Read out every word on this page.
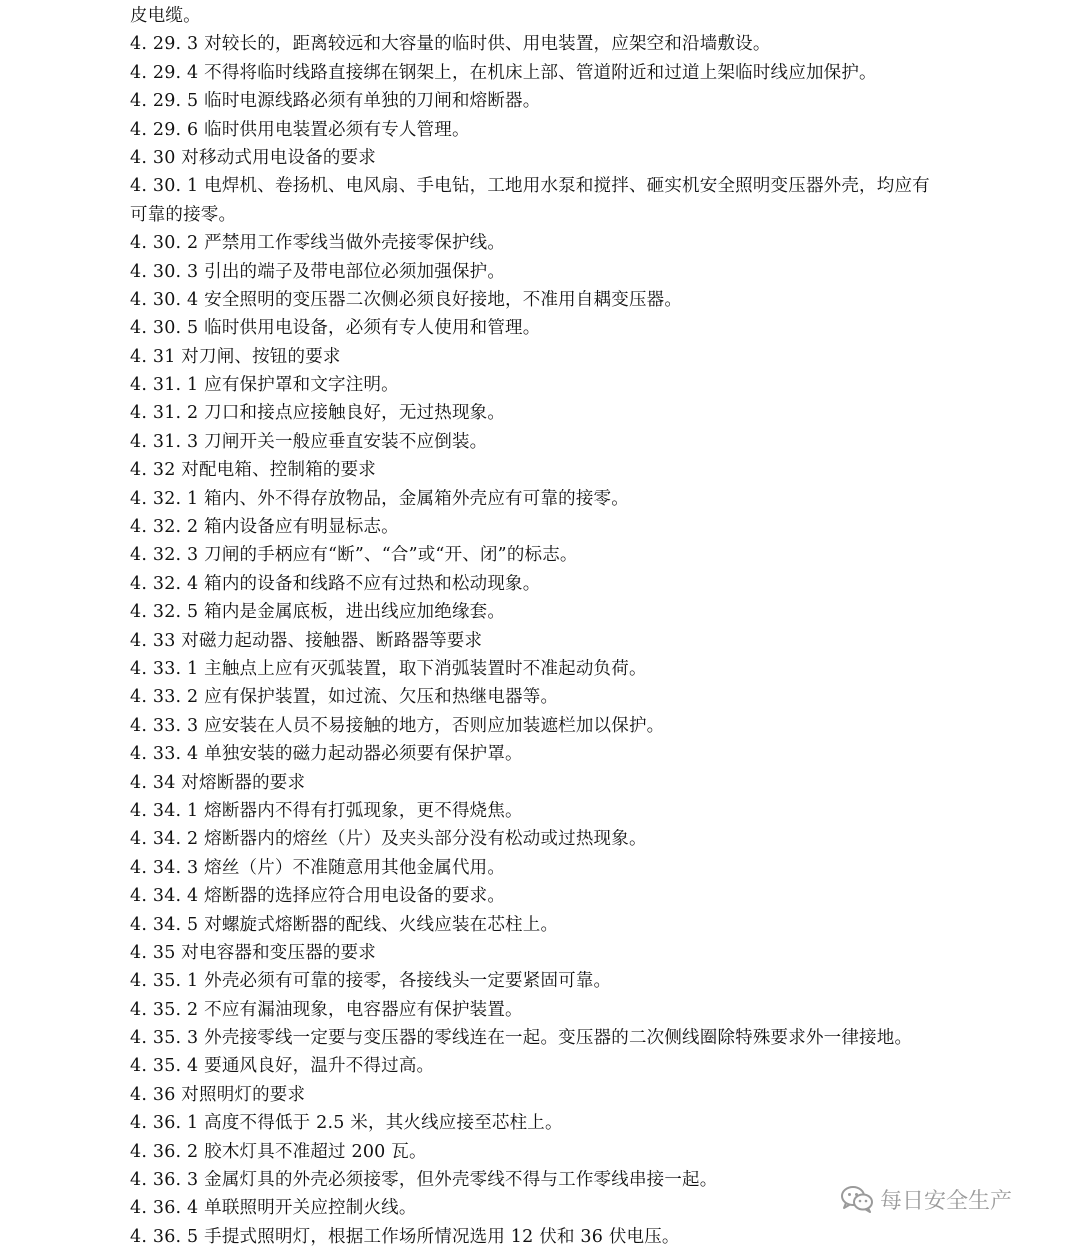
皮电缆。
4. 29. 3 对较长的，距离较远和大容量的临时供、用电装置，应架空和沿墙敷设。
4. 29. 4 不得将临时线路直接绑在钢架上，在机床上部、管道附近和过道上架临时线应加保护。
4. 29. 5 临时电源线路必须有单独的刀闸和熔断器。
4. 29. 6 临时供用电装置必须有专人管理。
4. 30 对移动式用电设备的要求
4. 30. 1 电焊机、卷扬机、电风扇、手电钻，工地用水泵和搅拌、砸实机安全照明变压器外壳，均应有
可靠的接零。
4. 30. 2 严禁用工作零线当做外壳接零保护线。
4. 30. 3 引出的端子及带电部位必须加强保护。
4. 30. 4 安全照明的变压器二次侧必须良好接地，不准用自耦变压器。
4. 30. 5 临时供用电设备，必须有专人使用和管理。
4. 31 对刀闸、按钮的要求
4. 31. 1 应有保护罩和文字注明。
4. 31. 2 刀口和接点应接触良好，无过热现象。
4. 31. 3 刀闸开关一般应垂直安装不应倒装。
4. 32 对配电箱、控制箱的要求
4. 32. 1 箱内、外不得存放物品，金属箱外壳应有可靠的接零。
4. 32. 2 箱内设备应有明显标志。
4. 32. 3 刀闸的手柄应有“断”、“合”或“开、闭”的标志。
4. 32. 4 箱内的设备和线路不应有过热和松动现象。
4. 32. 5 箱内是金属底板，进出线应加绝缘套。
4. 33 对磁力起动器、接触器、断路器等要求
4. 33. 1 主触点上应有灭弧装置，取下消弧装置时不准起动负荷。
4. 33. 2 应有保护装置，如过流、欠压和热继电器等。
4. 33. 3 应安装在人员不易接触的地方，否则应加装遮栏加以保护。
4. 33. 4 单独安装的磁力起动器必须要有保护罩。
4. 34 对熔断器的要求
4. 34. 1 熔断器内不得有打弧现象，更不得烧焦。
4. 34. 2 熔断器内的熔丝（片）及夹头部分没有松动或过热现象。
4. 34. 3 熔丝（片）不准随意用其他金属代用。
4. 34. 4 熔断器的选择应符合用电设备的要求。
4. 34. 5 对螺旋式熔断器的配线、火线应装在芯柱上。
4. 35 对电容器和变压器的要求
4. 35. 1 外壳必须有可靠的接零，各接线头一定要紧固可靠。
4. 35. 2 不应有漏油现象，电容器应有保护装置。
4. 35. 3 外壳接零线一定要与变压器的零线连在一起。变压器的二次侧线圈除特殊要求外一律接地。
4. 35. 4 要通风良好，温升不得过高。
4. 36 对照明灯的要求
4. 36. 1 高度不得低于 2.5 米，其火线应接至芯柱上。
4. 36. 2 胶木灯具不准超过 200 瓦。
4. 36. 3 金属灯具的外壳必须接零，但外壳零线不得与工作零线串接一起。
4. 36. 4 单联照明开关应控制火线。
4. 36. 5 手提式照明灯，根据工作场所情况选用 12 伏和 36 伏电压。
每日安全生产
